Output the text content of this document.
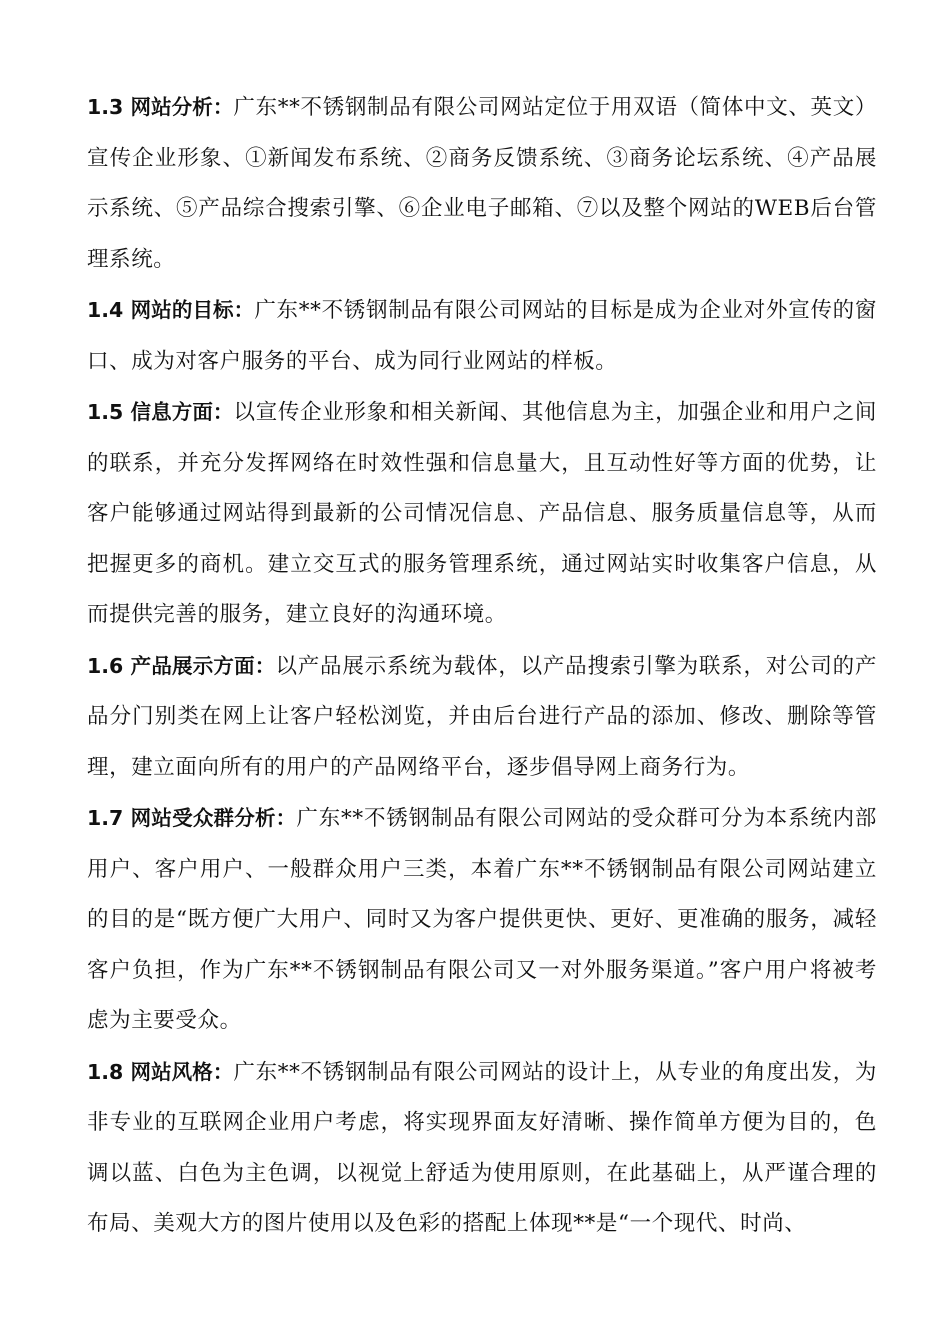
1.3 网站分析：广东**不锈钢制品有限公司网站定位于用双语（简体中文、英文）宣传企业形象、①新闻发布系统、②商务反馈系统、③商务论坛系统、④产品展示系统、⑤产品综合搜索引擎、⑥企业电子邮箱、⑦以及整个网站的WEB后台管理系统。

1.4 网站的目标：广东**不锈钢制品有限公司网站的目标是成为企业对外宣传的窗口、成为对客户服务的平台、成为同行业网站的样板。

1.5 信息方面：以宣传企业形象和相关新闻、其他信息为主，加强企业和用户之间的联系，并充分发挥网络在时效性强和信息量大，且互动性好等方面的优势，让客户能够通过网站得到最新的公司情况信息、产品信息、服务质量信息等，从而把握更多的商机。建立交互式的服务管理系统，通过网站实时收集客户信息，从而提供完善的服务，建立良好的沟通环境。

1.6 产品展示方面：以产品展示系统为载体，以产品搜索引擎为联系，对公司的产品分门别类在网上让客户轻松浏览，并由后台进行产品的添加、修改、删除等管理，建立面向所有的用户的产品网络平台，逐步倡导网上商务行为。

1.7 网站受众群分析：广东**不锈钢制品有限公司网站的受众群可分为本系统内部用户、客户用户、一般群众用户三类，本着广东**不锈钢制品有限公司网站建立的目的是“既方便广大用户、同时又为客户提供更快、更好、更准确的服务，减轻客户负担，作为广东**不锈钢制品有限公司又一对外服务渠道。”客户用户将被考虑为主要受众。

1.8 网站风格：广东**不锈钢制品有限公司网站的设计上，从专业的角度出发，为非专业的互联网企业用户考虑，将实现界面友好清晰、操作简单方便为目的，色调以蓝、白色为主色调，以视觉上舒适为使用原则，在此基础上，从严谨合理的布局、美观大方的图片使用以及色彩的搭配上体现**是“一个现代、时尚、
